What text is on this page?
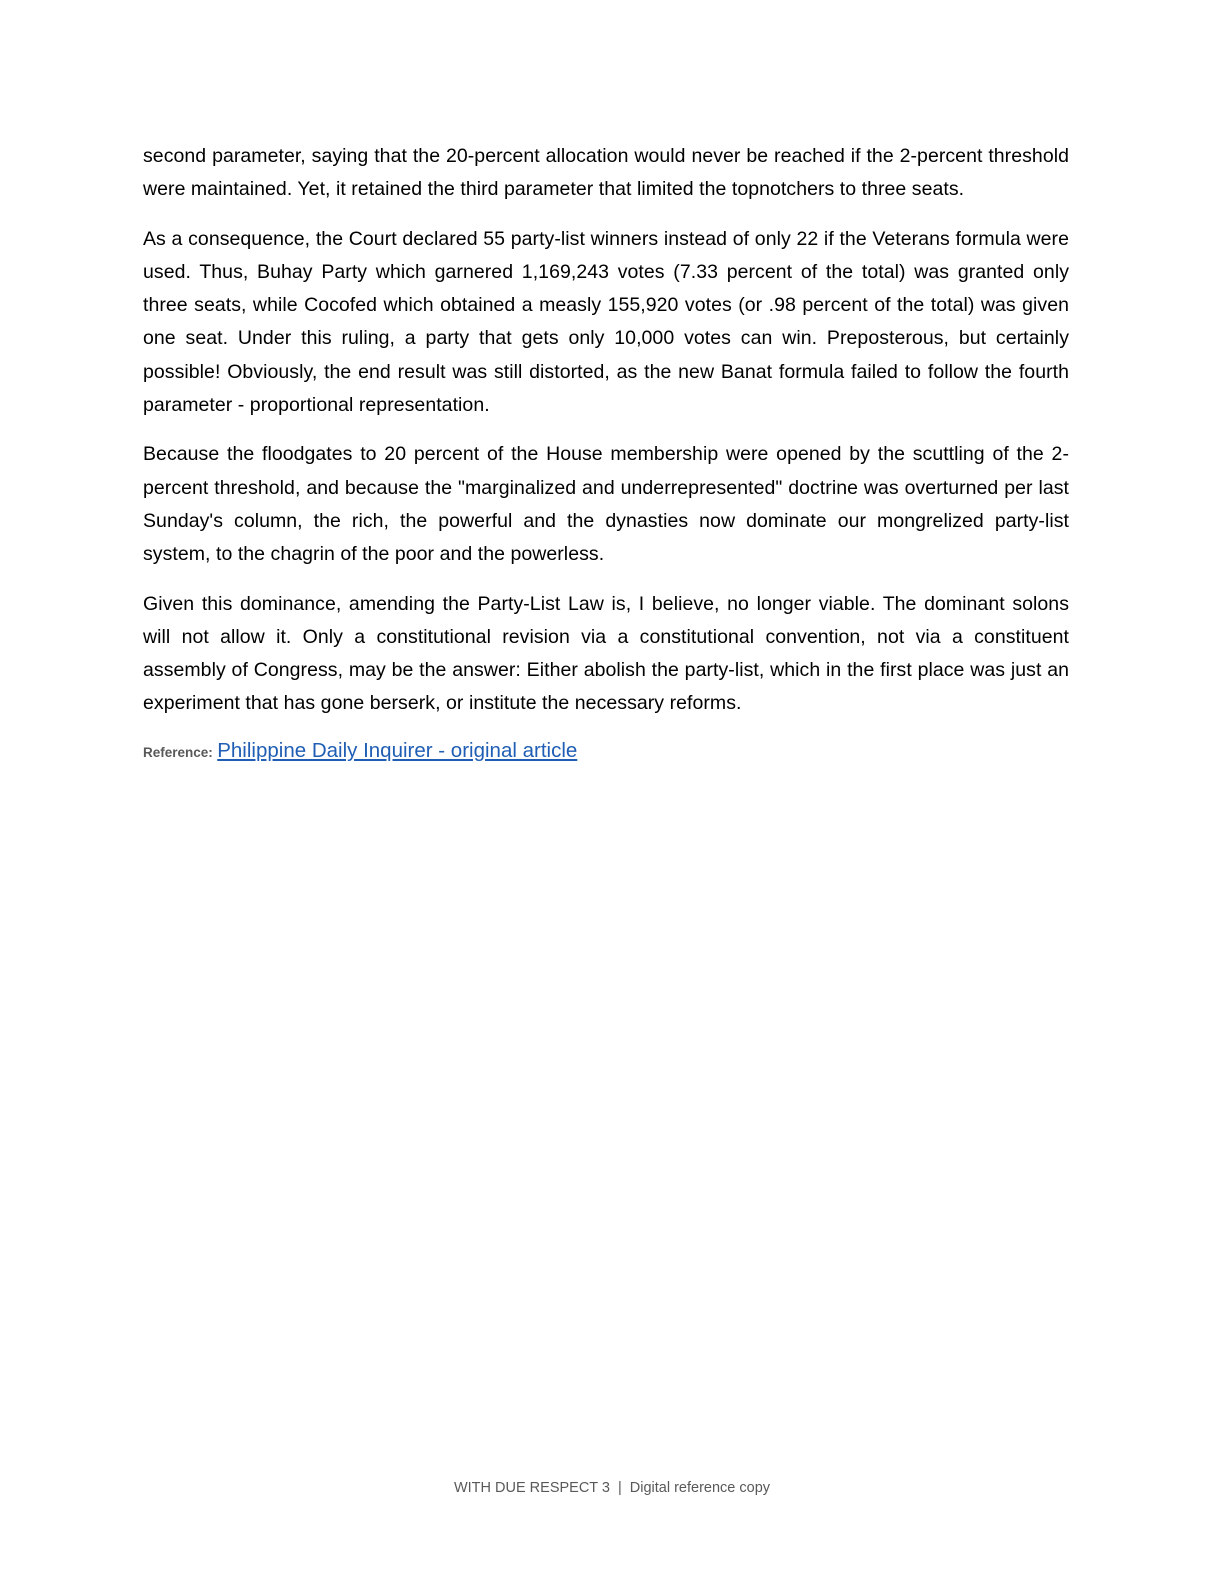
second parameter, saying that the 20-percent allocation would never be reached if the 2-percent threshold were maintained. Yet, it retained the third parameter that limited the topnotchers to three seats.

As a consequence, the Court declared 55 party-list winners instead of only 22 if the Veterans formula were used. Thus, Buhay Party which garnered 1,169,243 votes (7.33 percent of the total) was granted only three seats, while Cocofed which obtained a measly 155,920 votes (or .98 percent of the total) was given one seat. Under this ruling, a party that gets only 10,000 votes can win. Preposterous, but certainly possible! Obviously, the end result was still distorted, as the new Banat formula failed to follow the fourth parameter - proportional representation.

Because the floodgates to 20 percent of the House membership were opened by the scuttling of the 2-percent threshold, and because the "marginalized and underrepresented" doctrine was overturned per last Sunday's column, the rich, the powerful and the dynasties now dominate our mongrelized party-list system, to the chagrin of the poor and the powerless.

Given this dominance, amending the Party-List Law is, I believe, no longer viable. The dominant solons will not allow it. Only a constitutional revision via a constitutional convention, not via a constituent assembly of Congress, may be the answer: Either abolish the party-list, which in the first place was just an experiment that has gone berserk, or institute the necessary reforms.

Reference: Philippine Daily Inquirer - original article
WITH DUE RESPECT 3 | Digital reference copy
